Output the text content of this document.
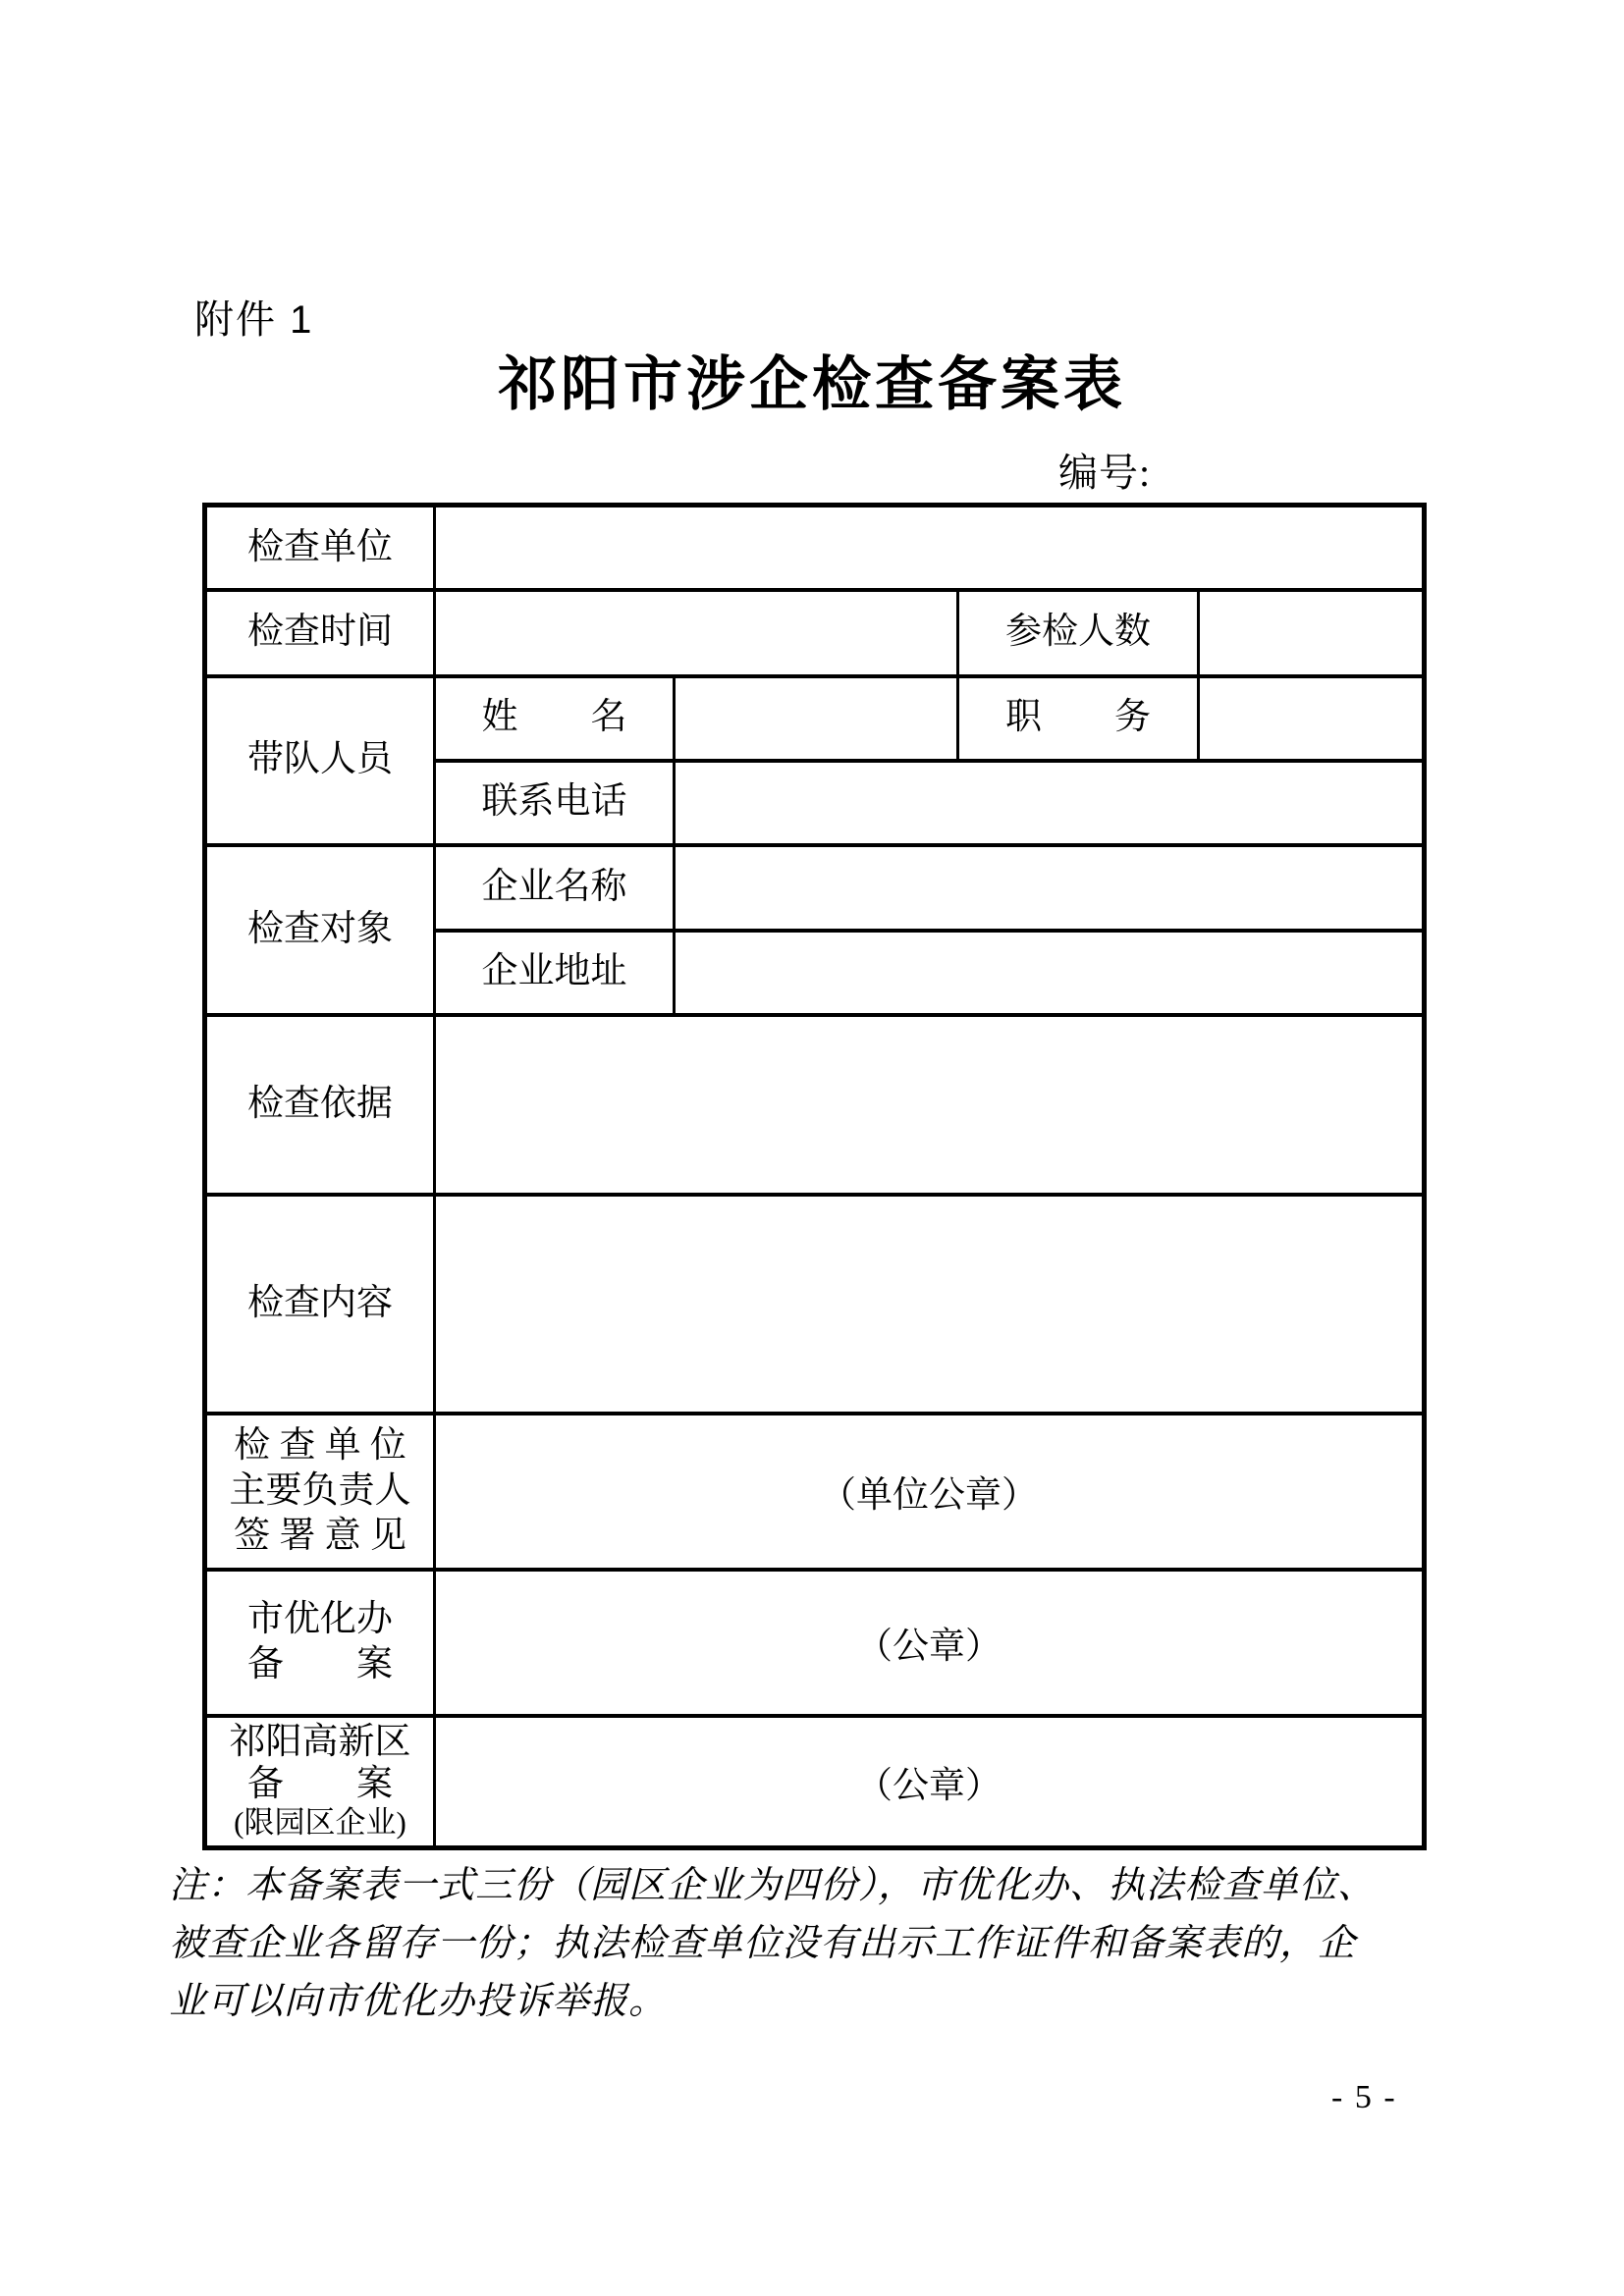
附件 1
祁阳市涉企检查备案表
编号:
检查单位				
检查时间			参检人数	
带队人员	姓　　名		职　　务	
	联系电话			
检查对象	企业名称			
	企业地址			
检查依据				
检查内容				

检 查 单 位
主要负责人
签 署 意 见	（单位公章）			

市优化办
备　　案	（公章）			

祁阳高新区
备　　案
(限园区企业)	（公章）			
注：本备案表一式三份（园区企业为四份），市优化办、执法检查单位、
被查企业各留存一份；执法检查单位没有出示工作证件和备案表的，企
业可以向市优化办投诉举报。
- 5 -
